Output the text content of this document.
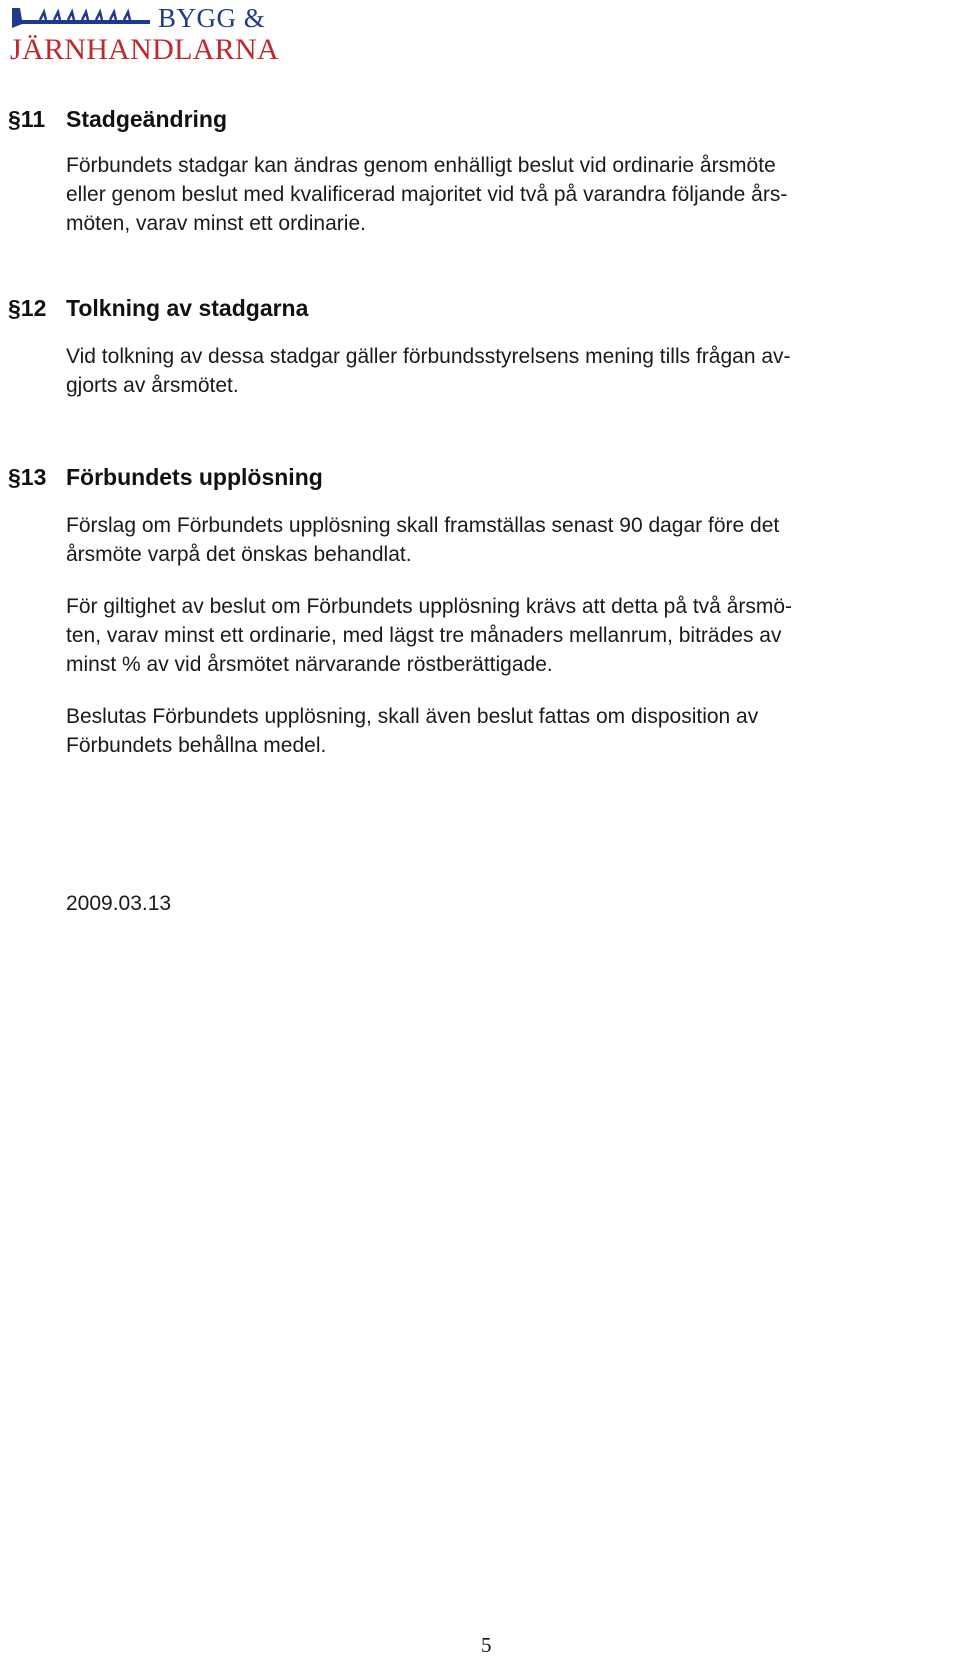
BYGG &
JÄRNHANDLARNA
§11 Stadgeändring
Förbundets stadgar kan ändras genom enhälligt beslut vid ordinarie årsmöte
eller genom beslut med kvalificerad majoritet vid två på varandra följande års-
möten, varav minst ett ordinarie.
§12 Tolkning av stadgarna
Vid tolkning av dessa stadgar gäller förbundsstyrelsens mening tills frågan av-
gjorts av årsmötet.
§13 Förbundets upplösning
Förslag om Förbundets upplösning skall framställas senast 90 dagar före det
årsmöte varpå det önskas behandlat.
För giltighet av beslut om Förbundets upplösning krävs att detta på två årsmö-
ten, varav minst ett ordinarie, med lägst tre månaders mellanrum, biträdes av
minst % av vid årsmötet närvarande röstberättigade.
Beslutas Förbundets upplösning, skall även beslut fattas om disposition av
Förbundets behållna medel.
2009.03.13
5
